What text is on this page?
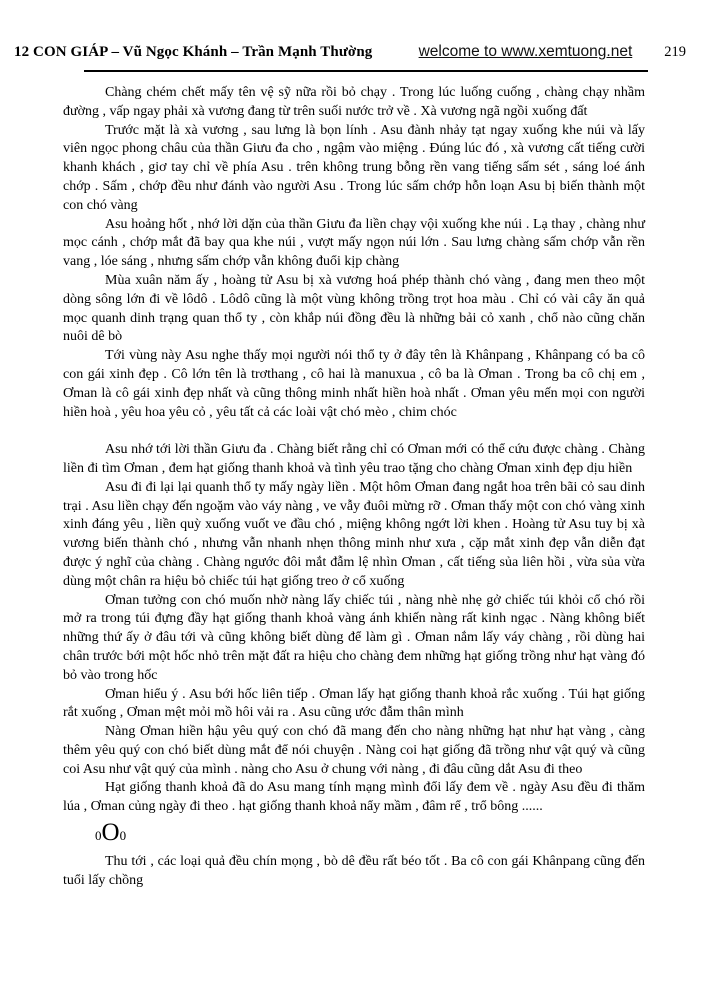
12 CON GIÁP – Vũ Ngọc Khánh – Trần Mạnh Thường	welcome to www.xemtuong.net 219

Chàng chém chết mấy tên vệ sỹ nữa rồi bỏ chạy . Trong lúc luống cuống , chàng chạy nhầm đường , vấp ngay phải xà vương đang từ trên suối nước trở về . Xà vương ngã ngồi xuống đất

Trước mặt là xà vương , sau lưng là bọn lính . Asu đành nhảy tạt ngay xuống khe núi và lấy viên ngọc phong châu của thần Giưu đa cho , ngậm vào miệng . Đúng lúc đó , xà vương cất tiếng cười khanh khách , giơ tay chỉ về phía Asu . trên không trung bỗng rền vang tiếng sấm sét , sáng loé ánh chớp . Sấm , chớp đều như đánh vào người Asu . Trong lúc sấm chớp hỗn loạn Asu bị biến thành một con chó vàng

Asu hoảng hốt , nhớ lời dặn của thần Giưu đa liền chạy vội xuống khe núi . Lạ thay , chàng như mọc cánh , chớp mắt đã bay qua khe núi , vượt mấy ngọn núi lớn . Sau lưng chàng sấm chớp vẫn rền vang , lóe sáng , nhưng sấm chớp vẫn không đuổi kịp chàng

Mùa xuân năm ấy , hoàng tử Asu bị xà vương hoá phép thành chó vàng , đang men theo một dòng sông lớn đi về lôdô . Lôdô cũng là một vùng không trồng trọt hoa màu . Chỉ có vài cây ăn quả mọc quanh dinh trạng quan thổ ty , còn khắp núi đồng đều là những bải cỏ xanh , chổ nào cũng chăn nuôi dê bò

Tới vùng này Asu nghe thấy mọi người nói thổ ty ở đây tên là Khânpang , Khânpang có ba cô con gái xinh đẹp . Cô lớn tên là trơthang , cô hai là manuxua , cô ba là Ơman . Trong ba cô chị em , Ơman là cô gái xinh đẹp nhất và cũng thông minh nhất hiền hoà nhất . Ơman yêu mến mọi con người hiền hoà , yêu hoa yêu cỏ , yêu tất cả các loài vật chó mèo , chim chóc

Asu nhớ tới lời thần Giưu đa . Chàng biết rằng chỉ có Ơman mới có thể cứu được chàng . Chàng liền đi tìm Ơman , đem hạt giống thanh khoả và tình yêu trao tặng cho chàng Ơman xinh đẹp dịu hiền

Asu đi đi lại lại quanh thổ ty mấy ngày liền . Một hôm Ơman đang ngắt hoa trên bãi cỏ sau dinh trại . Asu liền chạy đến ngoặm vào váy nàng , ve vẫy đuôi mừng rỡ . Ơman thấy một con chó vàng xinh xinh đáng yêu , liền quỳ xuống vuốt ve đầu chó , miệng không ngớt lời khen . Hoàng tử Asu tuy bị xà vương biến thành chó , nhưng vẫn nhanh nhẹn thông minh như xưa , cặp mắt xinh đẹp vẫn diễn đạt được ý nghĩ của chàng . Chàng ngước đôi mắt đẫm lệ nhìn Ơman , cất tiếng sủa liên hồi , vừa sủa vừa dùng một chân ra hiệu bỏ chiếc túi hạt giống treo ở cổ xuống

Ơman tưởng con chó muốn nhờ nàng lấy chiếc túi , nàng nhè nhẹ gở chiếc túi khỏi cổ chó rồi mở ra trong túi đựng đầy hạt giống thanh khoả vàng ánh khiến nàng rất kinh ngạc . Nàng không biết những thứ ấy ở đâu tới và cũng không biết dùng để làm gì . Ơman nắm lấy váy chàng , rồi dùng hai chân trước bới một hốc nhỏ trên mặt đất ra hiệu cho chàng đem những hạt giống trồng như hạt vàng đó bỏ vào trong hốc

Ơman hiểu ý . Asu bới hốc liên tiếp . Ơman lấy hạt giống thanh khoả rắc xuống . Túi hạt giống rắt xuống , Ơman mệt mỏi mồ hôi vải ra . Asu cũng ước đẫm thân mình

Nàng Ơman hiền hậu yêu quý con chó đã mang đến cho nàng những hạt như hạt vàng , càng thêm yêu quý con chó biết dùng mắt để nói chuyện . Nàng coi hạt giống đã trồng như vật quý và cũng coi Asu như vật quý của mình . nàng cho Asu ở chung với nàng , đi đâu cũng dắt Asu đi theo

Hạt giống thanh khoả đã do Asu mang tính mạng mình đổi lấy đem về . ngày Asu đều đi thăm lúa , Ơman củng ngày đi theo . hạt giống thanh khoả nẩy mầm , đâm rể , trổ bông ......

0O0

Thu tới , các loại quả đều chín mọng , bò dê đều rất béo tốt . Ba cô con gái Khânpang cũng đến tuổi lấy chồng
